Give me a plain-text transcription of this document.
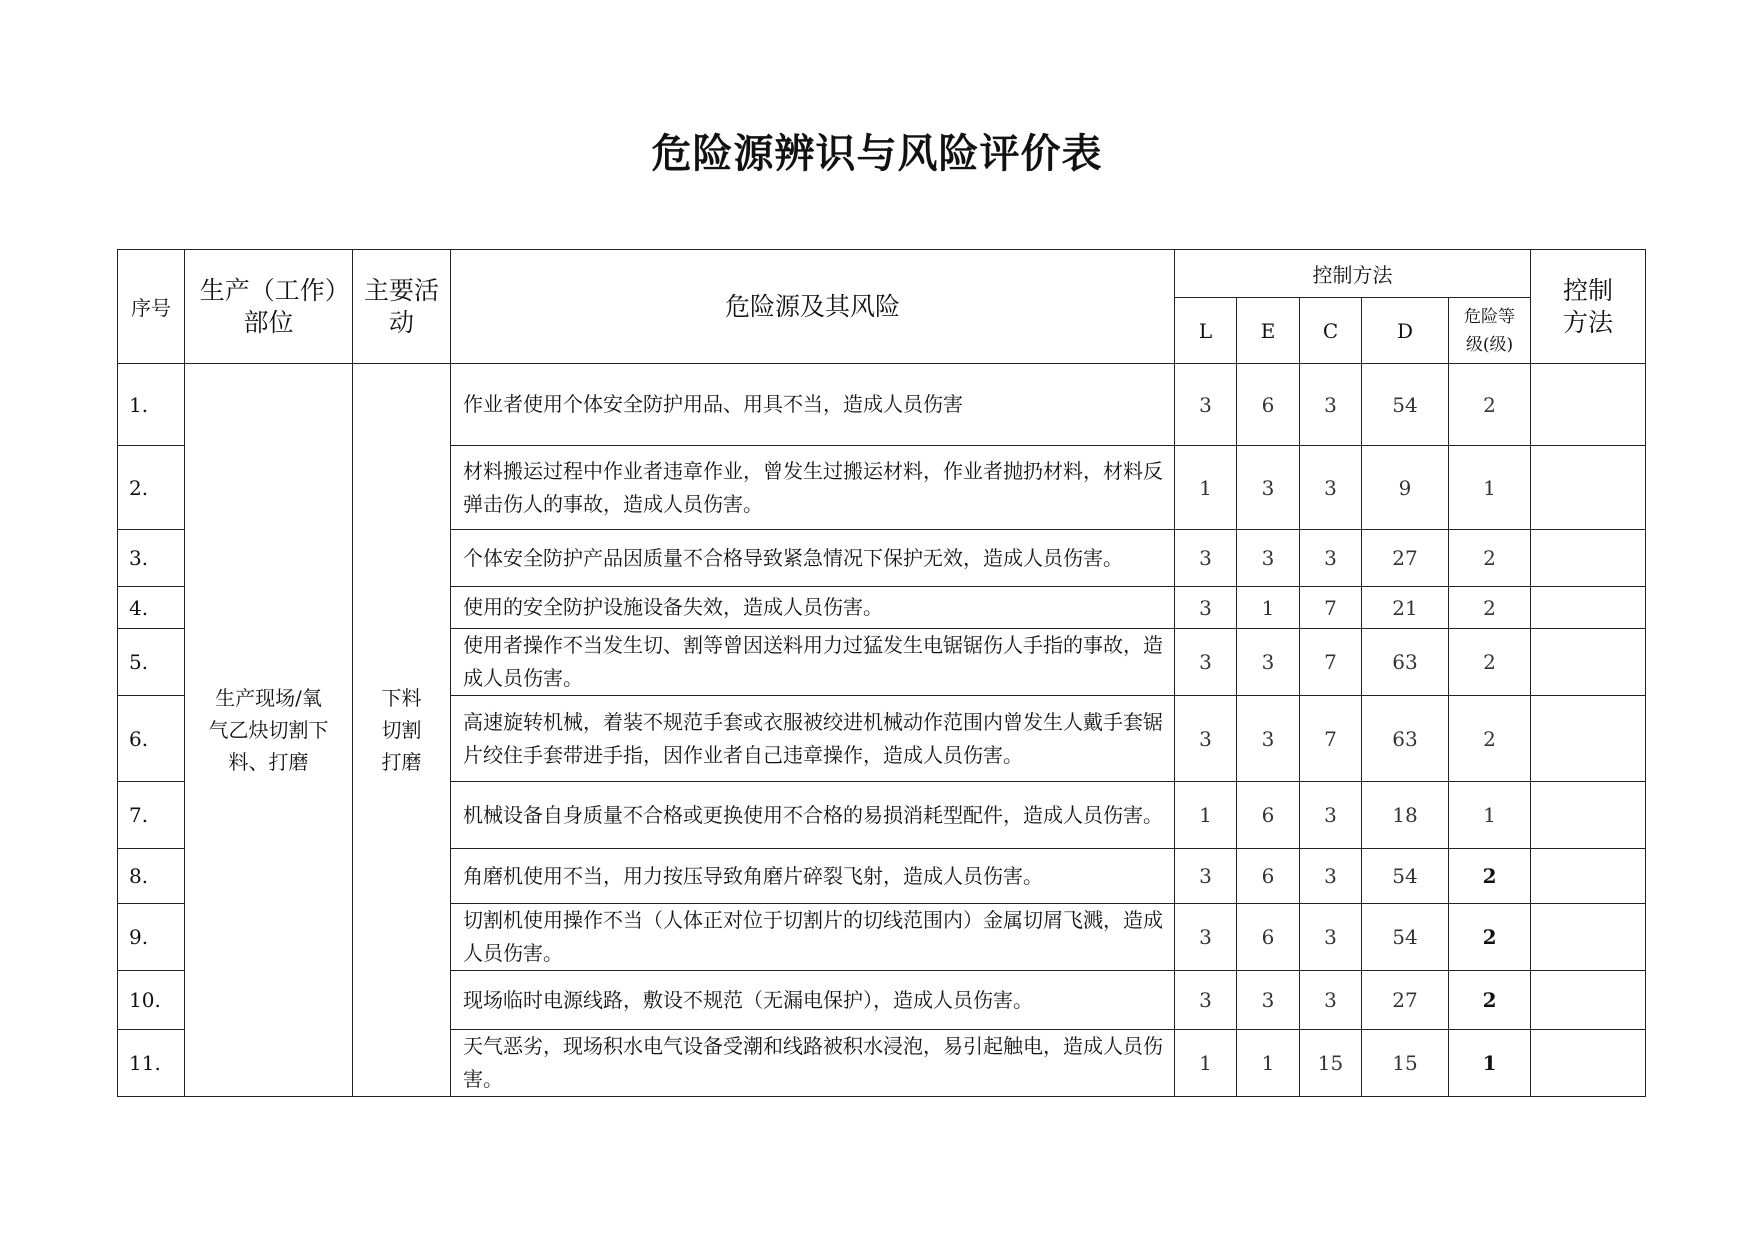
危险源辨识与风险评价表
序号	生产（工作）部位	主要活动	危险源及其风险	控制方法					控制方法
				L	E	C	D	危险等级(级)	
1.	生产现场/氧气乙炔切割下料、打磨	下料切割打磨	作业者使用个体安全防护用品、用具不当，造成人员伤害	3	6	3	54	2	
2.			材料搬运过程中作业者违章作业，曾发生过搬运材料，作业者抛扔材料，材料反弹击伤人的事故，造成人员伤害。	1	3	3	9	1	
3.			个体安全防护产品因质量不合格导致紧急情况下保护无效，造成人员伤害。	3	3	3	27	2	
4.			使用的安全防护设施设备失效，造成人员伤害。	3	1	7	21	2	
5.			使用者操作不当发生切、割等曾因送料用力过猛发生电锯锯伤人手指的事故，造成人员伤害。	3	3	7	63	2	
6.			高速旋转机械，着装不规范手套或衣服被绞进机械动作范围内曾发生人戴手套锯片绞住手套带进手指，因作业者自己违章操作，造成人员伤害。	3	3	7	63	2	
7.			机械设备自身质量不合格或更换使用不合格的易损消耗型配件，造成人员伤害。	1	6	3	18	1	
8.			角磨机使用不当，用力按压导致角磨片碎裂飞射，造成人员伤害。	3	6	3	54	2	
9.			切割机使用操作不当（人体正对位于切割片的切线范围内）金属切屑飞溅，造成人员伤害。	3	6	3	54	2	
10.			现场临时电源线路，敷设不规范（无漏电保护），造成人员伤害。	3	3	3	27	2	
11.			天气恶劣，现场积水电气设备受潮和线路被积水浸泡，易引起触电，造成人员伤害。	1	1	15	15	1	
